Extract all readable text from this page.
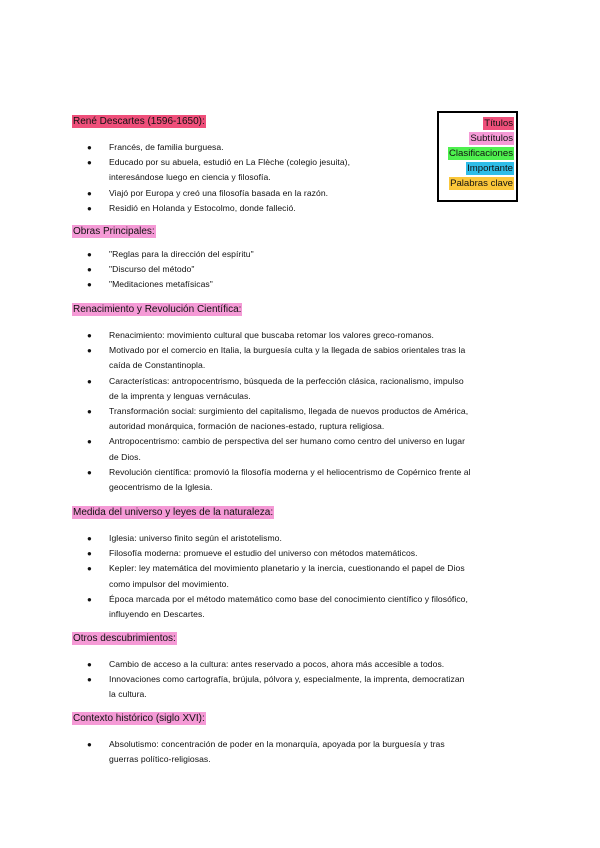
Títulos
Subtítulos
Clasificaciones
Importante
Palabras clave
René Descartes (1596-1650):
● Francés, de familia burguesa.
● Educado por su abuela, estudió en La Flèche (colegio jesuita),
interesándose luego en ciencia y filosofía.
● Viajó por Europa y creó una filosofía basada en la razón.
● Residió en Holanda y Estocolmo, donde falleció.
Obras Principales:
● "Reglas para la dirección del espíritu"
● "Discurso del método"
● "Meditaciones metafísicas"
Renacimiento y Revolución Científica:
● Renacimiento: movimiento cultural que buscaba retomar los valores greco-romanos.
● Motivado por el comercio en Italia, la burguesía culta y la llegada de sabios orientales tras la
caída de Constantinopla.
● Características: antropocentrismo, búsqueda de la perfección clásica, racionalismo, impulso
de la imprenta y lenguas vernáculas.
● Transformación social: surgimiento del capitalismo, llegada de nuevos productos de América,
autoridad monárquica, formación de naciones-estado, ruptura religiosa.
● Antropocentrismo: cambio de perspectiva del ser humano como centro del universo en lugar
de Dios.
● Revolución científica: promovió la filosofía moderna y el heliocentrismo de Copérnico frente al
geocentrismo de la Iglesia.
Medida del universo y leyes de la naturaleza:
● Iglesia: universo finito según el aristotelismo.
● Filosofía moderna: promueve el estudio del universo con métodos matemáticos.
● Kepler: ley matemática del movimiento planetario y la inercia, cuestionando el papel de Dios
como impulsor del movimiento.
● Época marcada por el método matemático como base del conocimiento científico y filosófico,
influyendo en Descartes.
Otros descubrimientos:
● Cambio de acceso a la cultura: antes reservado a pocos, ahora más accesible a todos.
● Innovaciones como cartografía, brújula, pólvora y, especialmente, la imprenta, democratizan
la cultura.
Contexto histórico (siglo XVI):
● Absolutismo: concentración de poder en la monarquía, apoyada por la burguesía y tras
guerras político-religiosas.
